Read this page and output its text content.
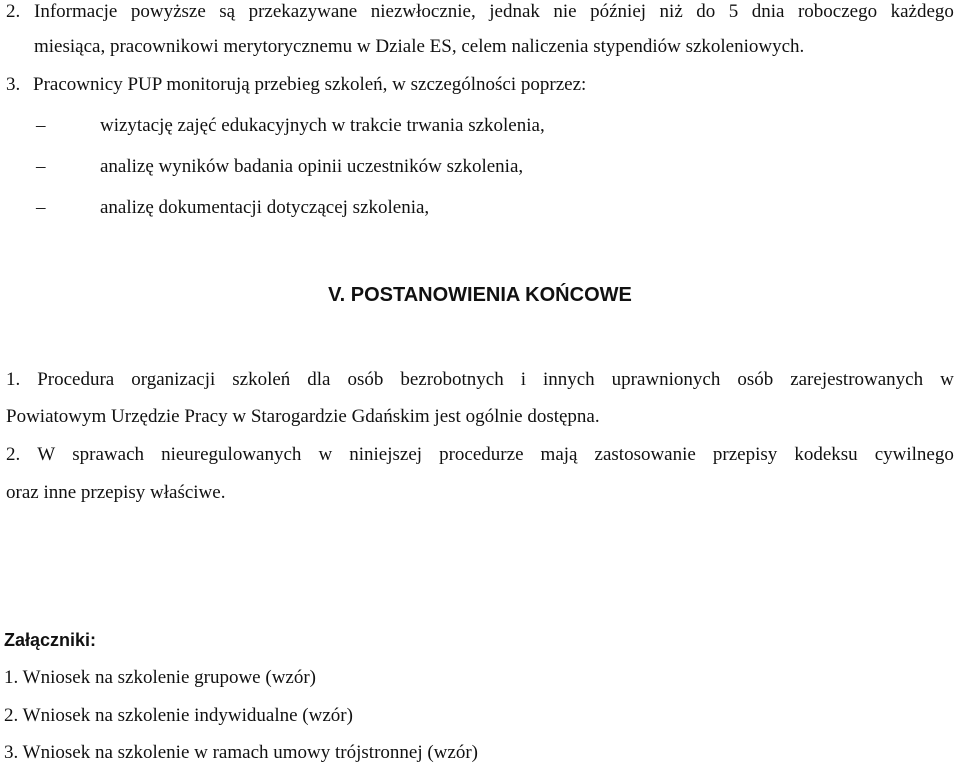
2. Informacje powyższe są przekazywane niezwłocznie, jednak nie później niż do 5 dnia roboczego każdego
miesiąca, pracownikowi merytorycznemu w Dziale ES, celem naliczenia stypendiów szkoleniowych.
3. Pracownicy PUP monitorują przebieg szkoleń, w szczególności poprzez:
–	wizytację zajęć edukacyjnych w trakcie trwania szkolenia,
–	analizę wyników badania opinii uczestników szkolenia,
–	analizę dokumentacji dotyczącej szkolenia,
V. POSTANOWIENIA KOŃCOWE
1. Procedura organizacji szkoleń dla osób bezrobotnych i innych uprawnionych osób zarejestrowanych w
Powiatowym Urzędzie Pracy w Starogardzie Gdańskim jest ogólnie dostępna.
2. W sprawach nieuregulowanych w niniejszej procedurze mają zastosowanie przepisy kodeksu cywilnego
oraz inne przepisy właściwe.
Załączniki:
1. Wniosek na szkolenie grupowe (wzór)
2. Wniosek na szkolenie indywidualne (wzór)
3. Wniosek na szkolenie w ramach umowy trójstronnej (wzór)
